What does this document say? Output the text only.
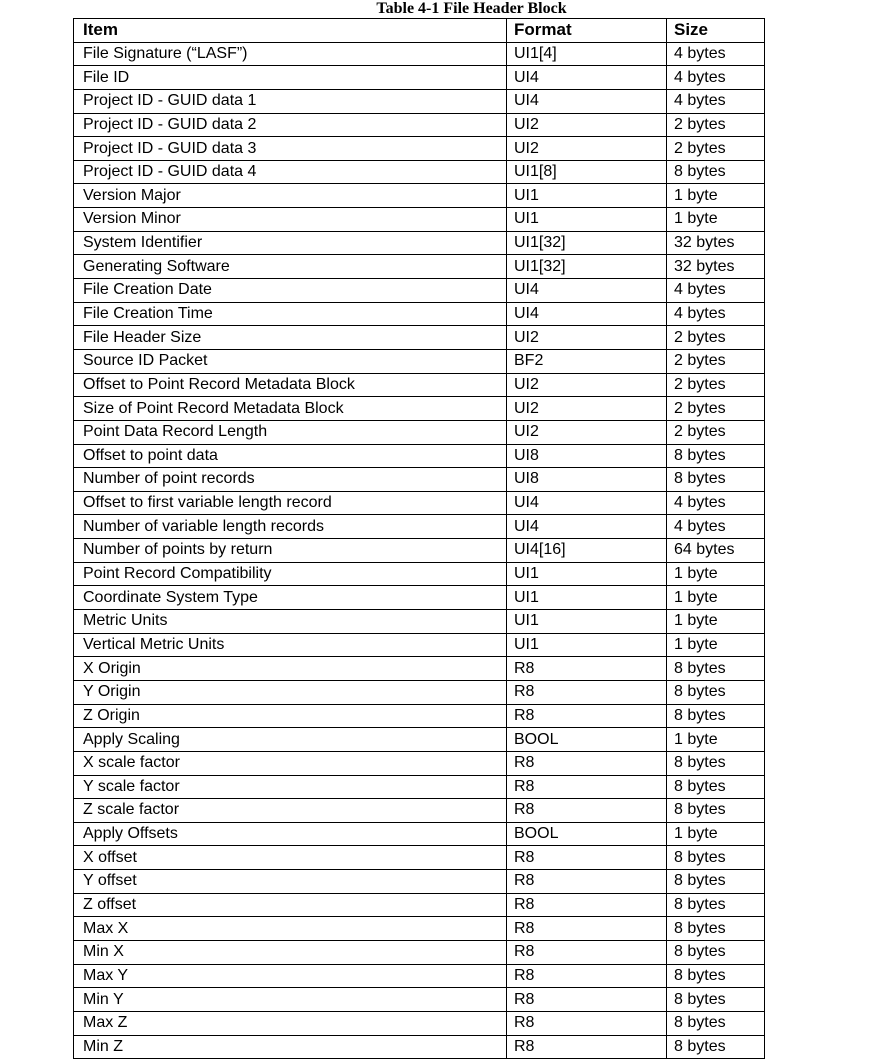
Table 4-1 File Header Block
Item	Format	Size
File Signature (“LASF”)	UI1[4]	4 bytes
File ID	UI4	4 bytes
Project ID - GUID data 1	UI4	4 bytes
Project ID - GUID data 2	UI2	2 bytes
Project ID - GUID data 3	UI2	2 bytes
Project ID - GUID data 4	UI1[8]	8 bytes
Version Major	UI1	1 byte
Version Minor	UI1	1 byte
System Identifier	UI1[32]	32 bytes
Generating Software	UI1[32]	32 bytes
File Creation Date	UI4	4 bytes
File Creation Time	UI4	4 bytes
File Header Size	UI2	2 bytes
Source ID Packet	BF2	2 bytes
Offset to Point Record Metadata Block	UI2	2 bytes
Size of Point Record Metadata Block	UI2	2 bytes
Point Data Record Length	UI2	2 bytes
Offset to point data	UI8	8 bytes
Number of point records	UI8	8 bytes
Offset to first variable length record	UI4	4 bytes
Number of variable length records	UI4	4 bytes
Number of points by return	UI4[16]	64 bytes
Point Record Compatibility	UI1	1 byte
Coordinate System Type	UI1	1 byte
Metric Units	UI1	1 byte
Vertical Metric Units	UI1	1 byte
X Origin	R8	8 bytes
Y Origin	R8	8 bytes
Z Origin	R8	8 bytes
Apply Scaling	BOOL	1 byte
X scale factor	R8	8 bytes
Y scale factor	R8	8 bytes
Z scale factor	R8	8 bytes
Apply Offsets	BOOL	1 byte
X offset	R8	8 bytes
Y offset	R8	8 bytes
Z offset	R8	8 bytes
Max X	R8	8 bytes
Min X	R8	8 bytes
Max Y	R8	8 bytes
Min Y	R8	8 bytes
Max Z	R8	8 bytes
Min Z	R8	8 bytes
